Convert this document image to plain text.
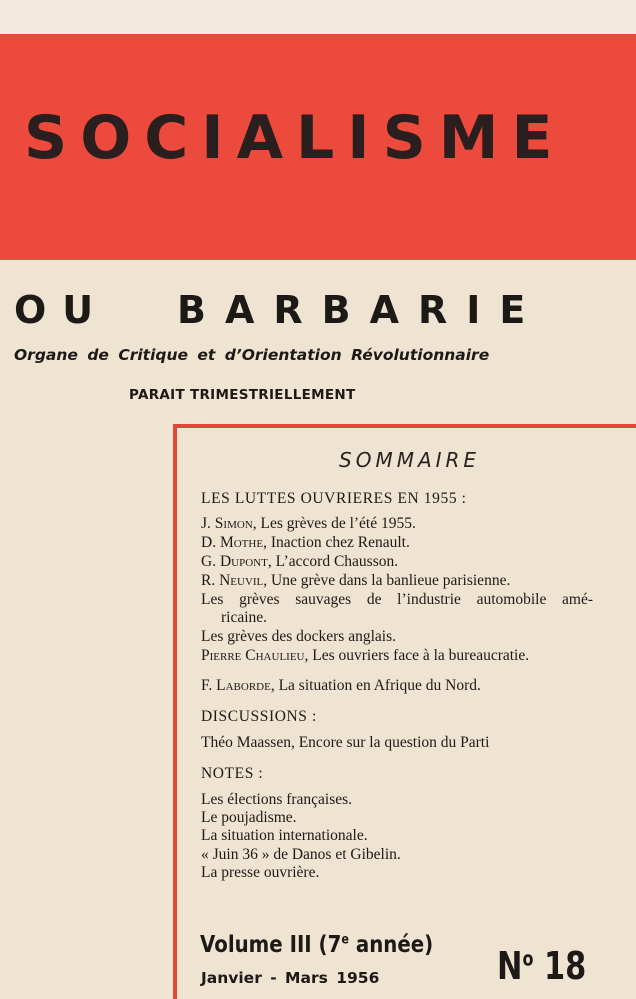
SOCIALISME
OU BARBARIE
Organe de Critique et d’Orientation Révolutionnaire
PARAIT TRIMESTRIELLEMENT
SOMMAIRE
LES LUTTES OUVRIERES EN 1955 :
J. Simon, Les grèves de l’été 1955.
D. Mothe, Inaction chez Renault.
G. Dupont, L’accord Chausson.
R. Neuvil, Une grève dans la banlieue parisienne.
Les grèves sauvages de l’industrie automobile amé-
ricaine.
Les grèves des dockers anglais.
Pierre Chaulieu, Les ouvriers face à la bureaucratie.
F. Laborde, La situation en Afrique du Nord.
DISCUSSIONS :
Théo Maassen, Encore sur la question du Parti
NOTES :
Les élections françaises.
Le poujadisme.
La situation internationale.
« Juin 36 » de Danos et Gibelin.
La presse ouvrière.
Volume III (7e année)
Janvier - Mars 1956	$N^o$ 18
